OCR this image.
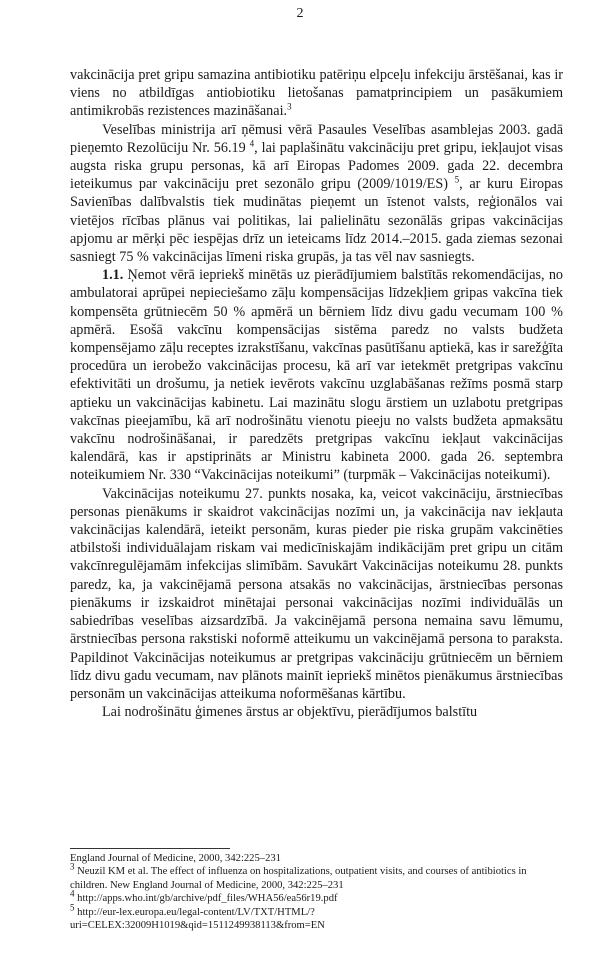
2

vakcinācija pret gripu samazina antibiotiku patēriņu elpceļu infekciju ārstēšanai, kas ir viens no atbildīgas antiobiotiku lietošanas pamatprincipiem un pasākumiem antimikrobās rezistences mazināšanai.$^3$

Veselības ministrija arī ņēmusi vērā Pasaules Veselības asamblejas 2003. gadā pieņemto Rezolūciju Nr. 56.19 $^4$, lai paplašinātu vakcināciju pret gripu, iekļaujot visas augsta riska grupu personas, kā arī Eiropas Padomes 2009. gada 22. decembra ieteikumus par vakcināciju pret sezonālo gripu (2009/1019/ES) $^5$, ar kuru Eiropas Savienības dalībvalstis tiek mudinātas pieņemt un īstenot valsts, reģionālos vai vietējos rīcības plānus vai politikas, lai palielinātu sezonālās gripas vakcinācijas apjomu ar mērķi pēc iespējas drīz un ieteicams līdz 2014.–2015. gada ziemas sezonai sasniegt 75 % vakcinācijas līmeni riska grupās, ja tas vēl nav sasniegts.

1.1. Ņemot vērā iepriekš minētās uz pierādījumiem balstītās rekomendācijas, no ambulatorai aprūpei nepieciešamo zāļu kompensācijas līdzekļiem gripas vakcīna tiek kompensēta grūtniecēm 50 % apmērā un bērniem līdz divu gadu vecumam 100 % apmērā. Esošā vakcīnu kompensācijas sistēma paredz no valsts budžeta kompensējamo zāļu receptes izrakstīšanu, vakcīnas pasūtīšanu aptiekā, kas ir sarežģīta procedūra un ierobežo vakcinācijas procesu, kā arī var ietekmēt pretgripas vakcīnu efektivitāti un drošumu, ja netiek ievērots vakcīnu uzglabāšanas režīms posmā starp aptieku un vakcinācijas kabinetu. Lai mazinātu slogu ārstiem un uzlabotu pretgripas vakcīnas pieejamību, kā arī nodrošinātu vienotu pieeju no valsts budžeta apmaksātu vakcīnu nodrošināšanai, ir paredzēts pretgripas vakcīnu iekļaut vakcinācijas kalendārā, kas ir apstiprināts ar Ministru kabineta 2000. gada 26. septembra noteikumiem Nr. 330 “Vakcinācijas noteikumi” (turpmāk – Vakcinācijas noteikumi).

Vakcinācijas noteikumu 27. punkts nosaka, ka, veicot vakcināciju, ārstniecības personas pienākums ir skaidrot vakcinācijas nozīmi un, ja vakcinācija nav iekļauta vakcinācijas kalendārā, ieteikt personām, kuras pieder pie riska grupām vakcinēties atbilstoši individuālajam riskam vai medicīniskajām indikācijām pret gripu un citām vakcīnregulējamām infekcijas slimībām. Savukārt Vakcinācijas noteikumu 28. punkts paredz, ka, ja vakcinējamā persona atsakās no vakcinācijas, ārstniecības personas pienākums ir izskaidrot minētajai personai vakcinācijas nozīmi individuālās un sabiedrības veselības aizsardzībā. Ja vakcinējamā persona nemaina savu lēmumu, ārstniecības persona rakstiski noformē atteikumu un vakcinējamā persona to paraksta. Papildinot Vakcinācijas noteikumus ar pretgripas vakcināciju grūtniecēm un bērniem līdz divu gadu vecumam, nav plānots mainīt iepriekš minētos pienākumus ārstniecības personām un vakcinācijas atteikuma noformēšanas kārtību.

Lai nodrošinātu ģimenes ārstus ar objektīvu, pierādījumos balstītu

England Journal of Medicine, 2000, 342:225–231
$^3$ Neuzil KM et al. The effect of influenza on hospitalizations, outpatient visits, and courses of antibiotics in children. New England Journal of Medicine, 2000, 342:225–231
$^4$ http://apps.who.int/gb/archive/pdf_files/WHA56/ea56r19.pdf
$^5$ http://eur-lex.europa.eu/legal-content/LV/TXT/HTML/?uri=CELEX:32009H1019&qid=1511249938113&from=EN
